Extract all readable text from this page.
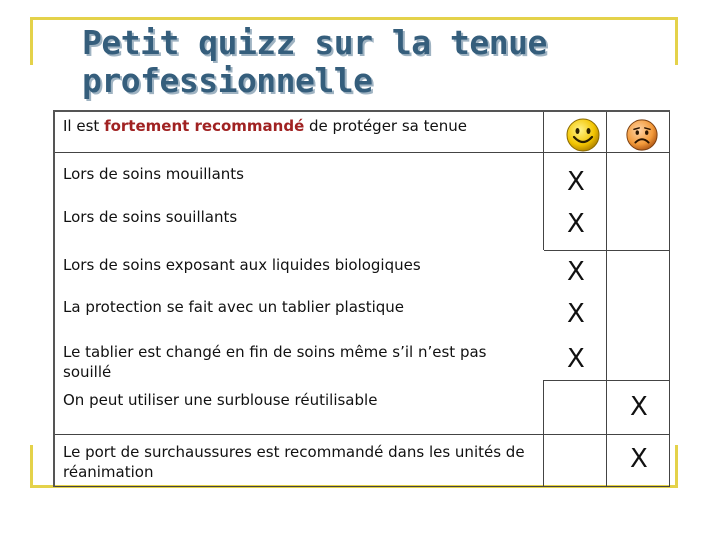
Petit quizz sur la tenue professionnelle
Il est fortement recommandé de protéger sa tenue
Lors de soins mouillants
Lors de soins souillants
Lors de soins exposant aux liquides biologiques
La protection se fait avec un tablier plastique
Le tablier est changé en fin de soins même s’il n’est pas souillé
On peut utiliser une surblouse réutilisable
Le port de surchaussures est recommandé dans les unités de réanimation
X
X
X
X
X
X
X
